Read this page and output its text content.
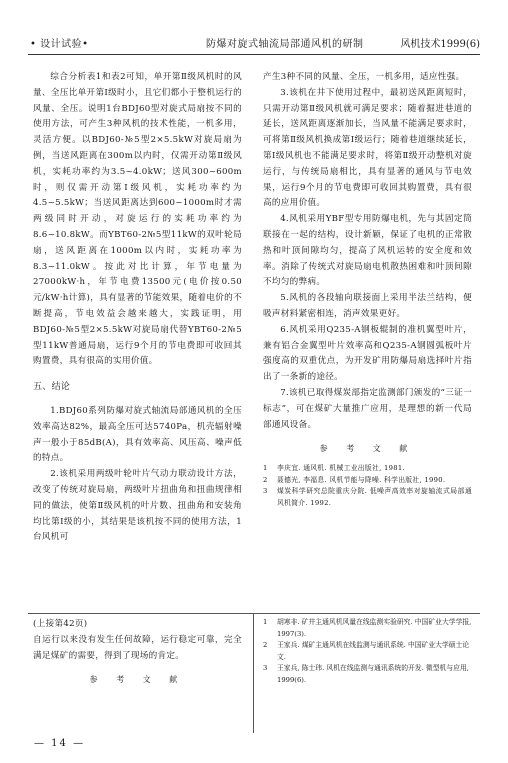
• 设计试验•	防爆对旋式轴流局部通风机的研制	风机技术1999(6)

综合分析表1和表2可知，单开第Ⅱ级风机时的风量、全压比单开第Ⅰ级时小，且它们都小于整机运行的风量、全压。说明1台BDJ60型对旋式局扇按不同的使用方法，可产生3种风机的技术性能，一机多用，灵活方便。以BDJ60-№5型2×5.5kW对旋局扇为例，当送风距离在300m以内时，仅需开动第Ⅱ级风机，实耗功率约为3.5~4.0kW；送风300~600m时，则仅需开动第Ⅰ级风机，实耗功率约为4.5~5.5kW；当送风距离达到600~1000m时才需两级同时开动，对旋运行的实耗功率约为8.6~10.8kW。而YBT60-2№5型11kW的双叶轮局扇，送风距离在1000m以内时，实耗功率为8.3~11.0kW。按此对比计算，年节电量为27000kW·h，年节电费13500元(电价按0.50元/kW·h计算)，具有显著的节能效果，随着电价的不断提高，节电效益会越来越大，实践证明，用BDJ60-№5型2×5.5kW对旋局扇代替YBT60-2№5型11kW普通局扇，运行9个月的节电费即可收回其购置费，具有很高的实用价值。

五、结论

1.BDJ60系列防爆对旋式轴流局部通风机的全压效率高达82%，最高全压可达5740Pa，机壳辐射噪声一般小于85dB(A)，具有效率高、风压高、噪声低的特点。

2.该机采用两级叶轮叶片气动力联动设计方法，改变了传统对旋局扇，两级叶片扭曲角和扭曲规律相同的做法，使第Ⅱ级风机的叶片数、扭曲角和安装角均比第Ⅰ级的小，其结果是该机按不同的使用方法，1台风机可

产生3种不同的风量、全压，一机多用，适应性强。

3.该机在井下使用过程中，最初送风距离短时，只需开动第Ⅱ级风机就可满足要求；随着掘进巷道的延长，送风距离逐渐加长，当风量不能满足要求时，可将第Ⅱ级风机换成第Ⅰ级运行；随着巷道继续延长，第Ⅰ级风机也不能满足要求时，将第Ⅱ级开动整机对旋运行，与传统局扇相比，具有显著的通风与节电效果，运行9个月的节电费即可收回其购置费，具有很高的应用价值。

4.风机采用YBF型专用防爆电机，先与其固定筒联接在一起的结构，设计新颖，保证了电机的正常散热和叶顶间隙均匀，提高了风机运转的安全度和效率。消除了传统式对旋局扇电机散热困难和叶顶间隙不均匀的弊病。

5.风机的各段轴向联接面上采用半法兰结构，便吸声材料紧密相连，消声效果更好。

6.风机采用Q235-A钢板辊制的准机翼型叶片，兼有铝合金翼型叶片效率高和Q235-A钢圆弧板叶片强度高的双重优点，为开发矿用防爆局扇选择叶片指出了一条新的途径。

7.该机已取得煤炭部指定监测部门颁发的“三证一标志”，可在煤矿大量推广应用，是理想的新一代局部通风设备。

参 考 文 献

1 李庆宜. 通风机. 机械工业出版社, 1981.
2 聂德光, 李福息. 风机节能与降噪. 科学出版社, 1990.
3 煤炭科学研究总院重庆分院. 低噪声高效率对旋轴流式局部通风机简介. 1992.

(上接第42页)

自运行以来没有发生任何故障，运行稳定可靠，完全满足煤矿的需要，得到了现场的肯定。

参 考 文 献

1 胡寒非. 矿井主通风机风量在线监测实验研究. 中国矿业大学学报, 1997(3).
2 王家兵. 煤矿主通风机在线监测与通讯系统. 中国矿业大学硕士论文.
3 王家兵, 陈士玮. 风机在线监测与通讯系统的开发. 微型机与应用, 1999(6).
— 14 —
